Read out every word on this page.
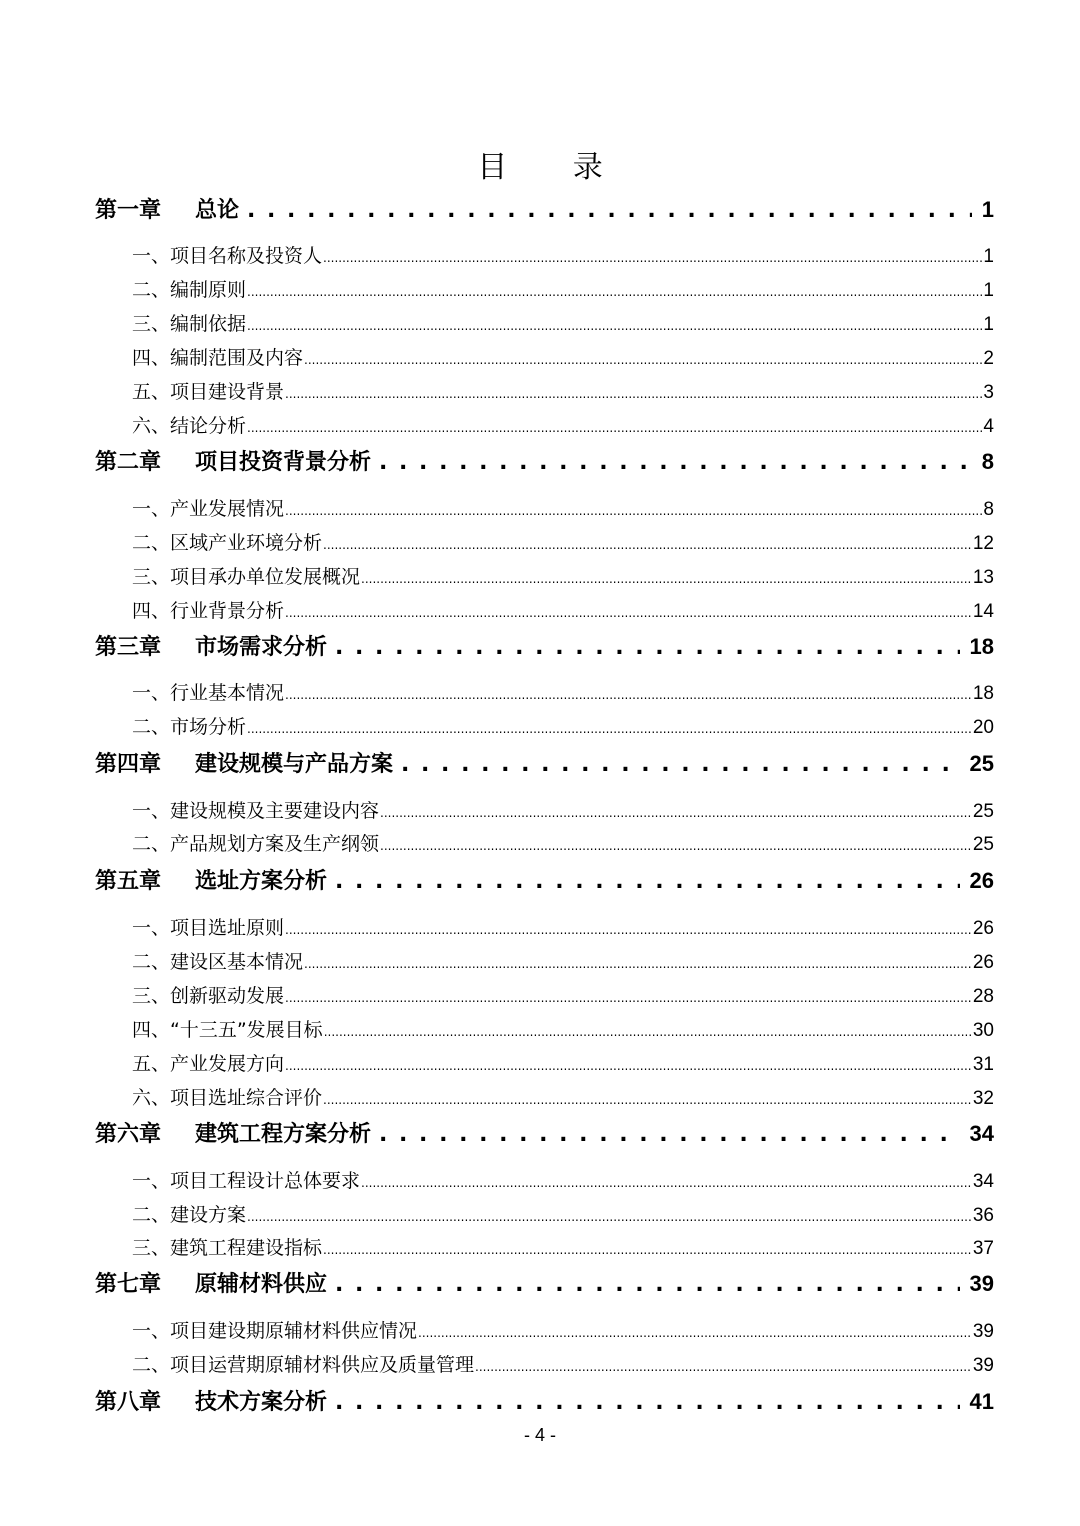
目 录
第一章	总论 . . .	1
一、项目名称及投资人 .....	1
二、编制原则 .....	1
三、编制依据 .....	1
四、编制范围及内容 .....	2
五、项目建设背景 .....	3
六、结论分析 .....	4
第二章	项目投资背景分析 . . .	8
一、产业发展情况 .....	8
二、区域产业环境分析 .....	12
三、项目承办单位发展概况 .....	13
四、行业背景分析 .....	14
第三章	市场需求分析 . . .	18
一、行业基本情况 .....	18
二、市场分析 .....	20
第四章	建设规模与产品方案 . . .	25
一、建设规模及主要建设内容 .....	25
二、产品规划方案及生产纲领 .....	25
第五章	选址方案分析 . . .	26
一、项目选址原则 .....	26
二、建设区基本情况 .....	26
三、创新驱动发展 .....	28
四、“十三五”发展目标 .....	30
五、产业发展方向 .....	31
六、项目选址综合评价 .....	32
第六章	建筑工程方案分析 . . .	34
一、项目工程设计总体要求 .....	34
二、建设方案 .....	36
三、建筑工程建设指标 .....	37
第七章	原辅材料供应 . . .	39
一、项目建设期原辅材料供应情况 .....	39
二、项目运营期原辅材料供应及质量管理 .....	39
第八章	技术方案分析 . . .	41
- 4 -
